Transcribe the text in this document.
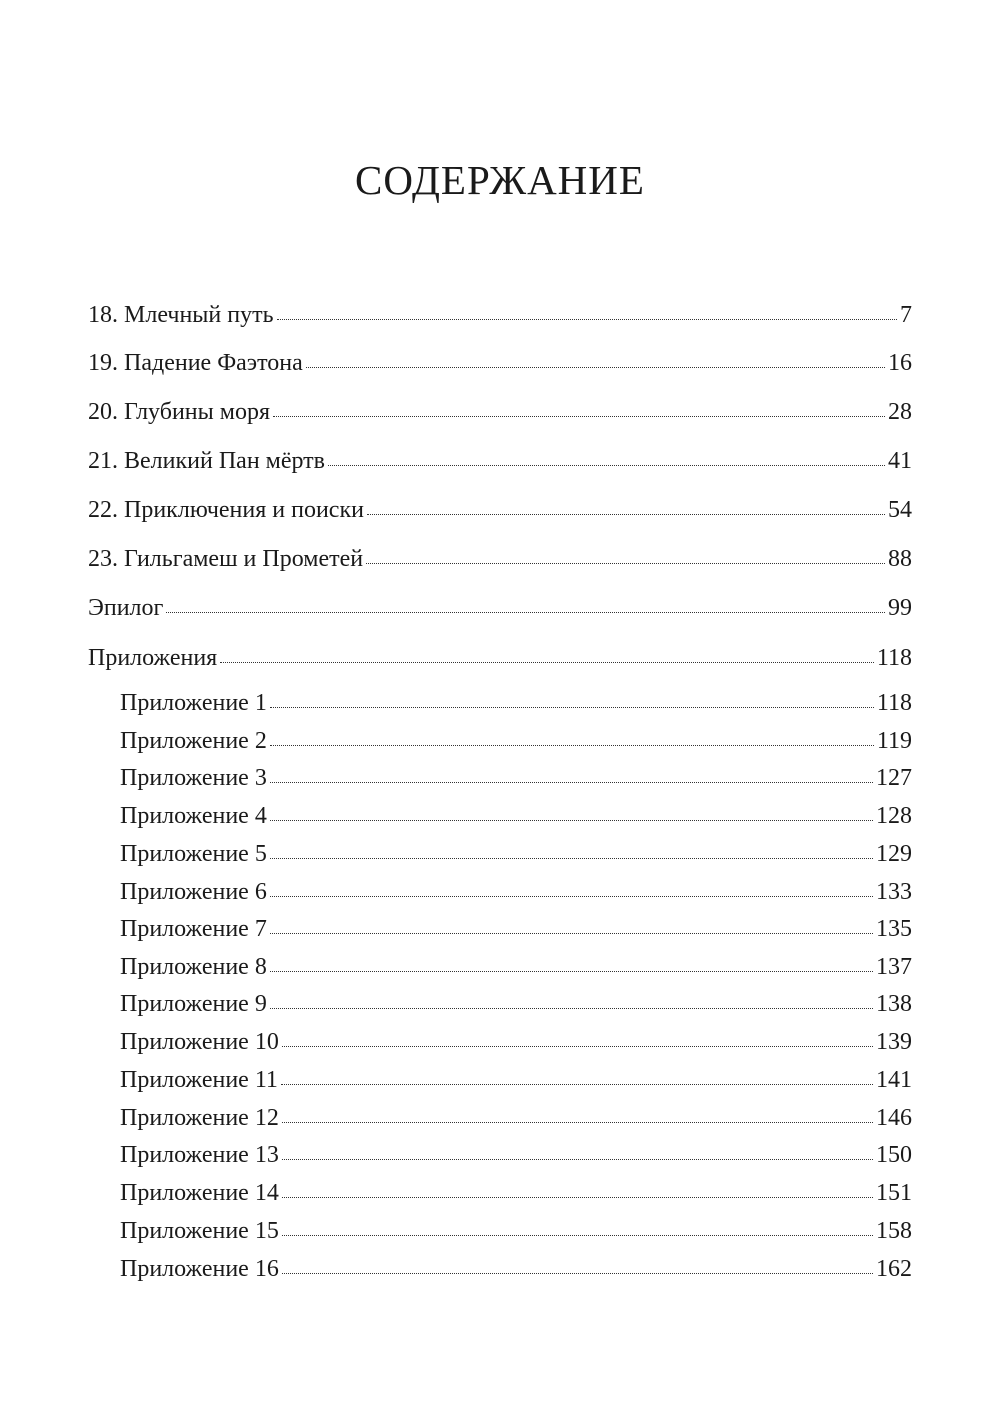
СОДЕРЖАНИЕ
18. Млечный путь	7
19. Падение Фаэтона	16
20. Глубины моря	28
21. Великий Пан мёртв	41
22. Приключения и поиски	54
23. Гильгамеш и Прометей	88
Эпилог	99
Приложения	118
Приложение 1	118
Приложение 2	119
Приложение 3	127
Приложение 4	128
Приложение 5	129
Приложение 6	133
Приложение 7	135
Приложение 8	137
Приложение 9	138
Приложение 10	139
Приложение 11	141
Приложение 12	146
Приложение 13	150
Приложение 14	151
Приложение 15	158
Приложение 16	162
